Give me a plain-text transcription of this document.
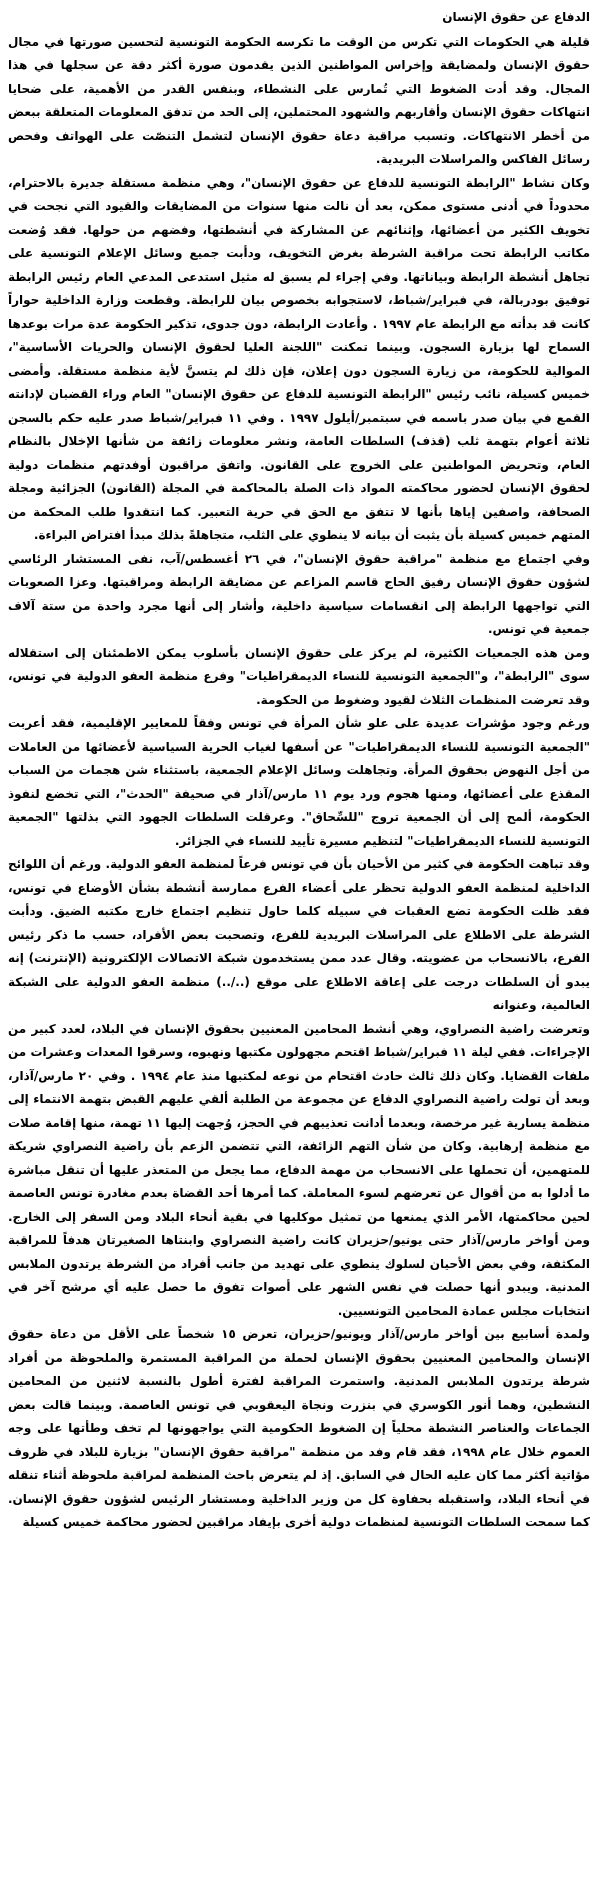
الدفاع عن حقوق الإنسان

قليلة هي الحكومات التي تكرس من الوقت ما تكرسه الحكومة التونسية لتحسين صورتها في مجال حقوق الإنسان ولمضايقة وإخراس المواطنين الذين يقدمون صورة أكثر دقة عن سجلها في هذا المجال. وقد أدت الضغوط التي تُمارس على النشطاء، وبنفس القدر من الأهمية، على ضحايا انتهاكات حقوق الإنسان وأقاربهم والشهود المحتملين، إلى الحد من تدفق المعلومات المتعلقة ببعض من أخطر الانتهاكات. وتسبب مراقبة دعاة حقوق الإنسان لتشمل التنصّت على الهواتف وفحص رسائل الفاكس والمراسلات البريدية.

وكان نشاط "الرابطة التونسية للدفاع عن حقوق الإنسان"، وهي منظمة مستقلة جديرة بالاحترام، محدوداً في أدنى مستوى ممكن، بعد أن نالت منها سنوات من المضايقات والقيود التي نجحت في تخويف الكثير من أعضائها، وإثنائهم عن المشاركة في أنشطتها، وفضهم من حولها. فقد وُضعت مكاتب الرابطة تحت مراقبة الشرطة بغرض التخويف، ودأبت جميع وسائل الإعلام التونسية على تجاهل أنشطة الرابطة وبياناتها. وفي إجراء لم يسبق له مثيل استدعى المدعي العام رئيس الرابطة توفيق بودربالة، في فبراير/شباط، لاستجوابه بخصوص بيان للرابطة. وقطعت وزارة الداخلية حواراً كانت قد بدأته مع الرابطة عام ١٩٩٧ . وأعادت الرابطة، دون جدوى، تذكير الحكومة عدة مرات بوعدها السماح لها بزيارة السجون. وبينما تمكنت "اللجنة العليا لحقوق الإنسان والحريات الأساسية"، الموالية للحكومة، من زيارة السجون دون إعلان، فإن ذلك لم يتسنَّ لأية منظمة مستقلة. وأمضى خميس كسيلة، نائب رئيس "الرابطة التونسية للدفاع عن حقوق الإنسان" العام وراء القضبان لإدانته القمع في بيان صدر باسمه في سبتمبر/أيلول ١٩٩٧ . وفي ١١ فبراير/شباط صدر عليه حكم بالسجن ثلاثة أعوام بتهمة ثلب (قذف) السلطات العامة، ونشر معلومات زائفة من شأنها الإخلال بالنظام العام، وتحريض المواطنين على الخروج على القانون. واتفق مراقبون أوفدتهم منظمات دولية لحقوق الإنسان لحضور محاكمته المواد ذات الصلة بالمحاكمة في المجلة (القانون) الجزائية ومجلة الصحافة، واصفين إياها بأنها لا تتفق مع الحق في حرية التعبير. كما انتقدوا طلب المحكمة من المتهم خميس كسيلة بأن يثبت أن بيانه لا ينطوي على الثلب، متجاهلةً بذلك مبدأ افتراض البراءة.

وفي اجتماع مع منظمة "مراقبة حقوق الإنسان"، في ٢٦ أغسطس/آب، نفى المستشار الرئاسي لشؤون حقوق الإنسان رفيق الحاج قاسم المزاعم عن مضايقة الرابطة ومراقبتها. وعزا الصعوبات التي تواجهها الرابطة إلى انقسامات سياسية داخلية، وأشار إلى أنها مجرد واحدة من ستة آلاف جمعية في تونس.

ومن هذه الجمعيات الكثيرة، لم يركز على حقوق الإنسان بأسلوب يمكن الاطمئنان إلى استقلاله سوى "الرابطة"، و"الجمعية التونسية للنساء الديمقراطيات" وفرع منظمة العفو الدولية في تونس، وقد تعرضت المنظمات الثلاث لقيود وضغوط من الحكومة.

ورغم وجود مؤشرات عديدة على علو شأن المرأة في تونس وفقاً للمعايير الإقليمية، فقد أعربت "الجمعية التونسية للنساء الديمقراطيات" عن أسفها لغياب الحرية السياسية لأعضائها من العاملات من أجل النهوض بحقوق المرأة. وتجاهلت وسائل الإعلام الجمعية، باستثناء شن هجمات من السباب المقذع على أعضائها، ومنها هجوم ورد يوم ١١ مارس/آذار في صحيفة "الحدث"، التي تخضع لنفوذ الحكومة، ألمح إلى أن الجمعية تروج "للسِّحاق". وعرقلت السلطات الجهود التي بذلتها "الجمعية التونسية للنساء الديمقراطيات" لتنظيم مسيرة تأييد للنساء في الجزائر.

وقد تباهت الحكومة في كثير من الأحيان بأن في تونس فرعاً لمنظمة العفو الدولية. ورغم أن اللوائح الداخلية لمنظمة العفو الدولية تحظر على أعضاء الفرع ممارسة أنشطة بشأن الأوضاع في تونس، فقد ظلت الحكومة تضع العقبات في سبيله كلما حاول تنظيم اجتماع خارج مكتبه الضيق. ودأبت الشرطة على الاطلاع على المراسلات البريدية للفرع، وتصحبت بعض الأفراد، حسب ما ذكر رئيس الفرع، بالانسحاب من عضويته. وقال عدد ممن يستخدمون شبكة الاتصالات الإلكترونية (الإنترنت) إنه يبدو أن السلطات درجت على إعاقة الاطلاع على موقع (../..) منظمة العفو الدولية على الشبكة العالمية، وعنوانه

وتعرضت راضية النصراوي، وهي أنشط المحامين المعنيين بحقوق الإنسان في البلاد، لعدد كبير من الإجراءات. ففي ليلة ١١ فبراير/شباط اقتحم مجهولون مكتبها ونهبوه، وسرقوا المعدات وعشرات من ملفات القضايا. وكان ذلك ثالث حادث اقتحام من نوعه لمكتبها منذ عام ١٩٩٤ . وفي ٢٠ مارس/آذار، وبعد أن تولت راضية النصراوي الدفاع عن مجموعة من الطلبة ألقي عليهم القبض بتهمة الانتماء إلى منظمة يسارية غير مرخصة، وبعدما أدانت تعذيبهم في الحجز، وُجهت إليها ١١ تهمة، منها إقامة صلات مع منظمة إرهابية. وكان من شأن التهم الزائفة، التي تتضمن الزعم بأن راضية النصراوي شريكة للمتهمين، أن تحملها على الانسحاب من مهمة الدفاع، مما يجعل من المتعذر عليها أن تنقل مباشرة ما أدلوا به من أقوال عن تعرضهم لسوء المعاملة. كما أمرها أحد القضاة بعدم مغادرة تونس العاصمة لحين محاكمتها، الأمر الذي يمنعها من تمثيل موكليها في بقية أنحاء البلاد ومن السفر إلى الخارج. ومن أواخر مارس/آذار حتى يونيو/حزيران كانت راضية النصراوي وابنتاها الصغيرتان هدفاً للمراقبة المكثفة، وفي بعض الأحيان لسلوك ينطوي على تهديد من جانب أفراد من الشرطة يرتدون الملابس المدنية. ويبدو أنها حصلت في نفس الشهر على أصوات تفوق ما حصل عليه أي مرشح آخر في انتخابات مجلس عمادة المحامين التونسيين.

ولمدة أسابيع بين أواخر مارس/آذار ويونيو/حزيران، تعرض ١٥ شخصاً على الأقل من دعاة حقوق الإنسان والمحامين المعنيين بحقوق الإنسان لحملة من المراقبة المستمرة والملحوظة من أفراد شرطة يرتدون الملابس المدنية. واستمرت المراقبة لفترة أطول بالنسبة لاثنين من المحامين النشطين، وهما أنور الكوسري في بنزرت ونجاة اليعقوبي في تونس العاصمة. وبينما قالت بعض الجماعات والعناصر النشطة محلياً إن الضغوط الحكومية التي يواجهونها لم تخف وطأتها على وجه العموم خلال عام ١٩٩٨، فقد قام وفد من منظمة "مراقبة حقوق الإنسان" بزيارة للبلاد في ظروف مؤاتية أكثر مما كان عليه الحال في السابق. إذ لم يتعرض باحث المنظمة لمراقبة ملحوظة أثناء تنقله في أنحاء البلاد، واستقبله بحفاوة كل من وزير الداخلية ومستشار الرئيس لشؤون حقوق الإنسان. كما سمحت السلطات التونسية لمنظمات دولية أخرى بإيفاد مراقبين لحضور محاكمة خميس كسيلة
